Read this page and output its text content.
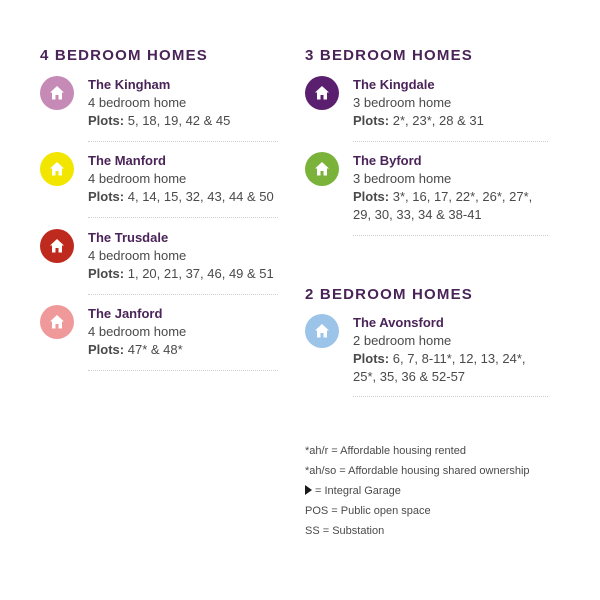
4 BEDROOM HOMES
The Kingham
4 bedroom home
Plots: 5, 18, 19, 42 & 45
The Manford
4 bedroom home
Plots: 4, 14, 15, 32, 43, 44 & 50
The Trusdale
4 bedroom home
Plots: 1, 20, 21, 37, 46, 49 & 51
The Janford
4 bedroom home
Plots: 47* & 48*
3 BEDROOM HOMES
The Kingdale
3 bedroom home
Plots: 2*, 23*, 28 & 31
The Byford
3 bedroom home
Plots: 3*, 16, 17, 22*, 26*, 27*,
29, 30, 33, 34 & 38-41
2 BEDROOM HOMES
The Avonsford
2 bedroom home
Plots: 6, 7, 8-11*, 12, 13, 24*,
25*, 35, 36 & 52-57
*ah/r = Affordable housing rented
*ah/so = Affordable housing shared ownership
= Integral Garage
POS = Public open space
SS = Substation
